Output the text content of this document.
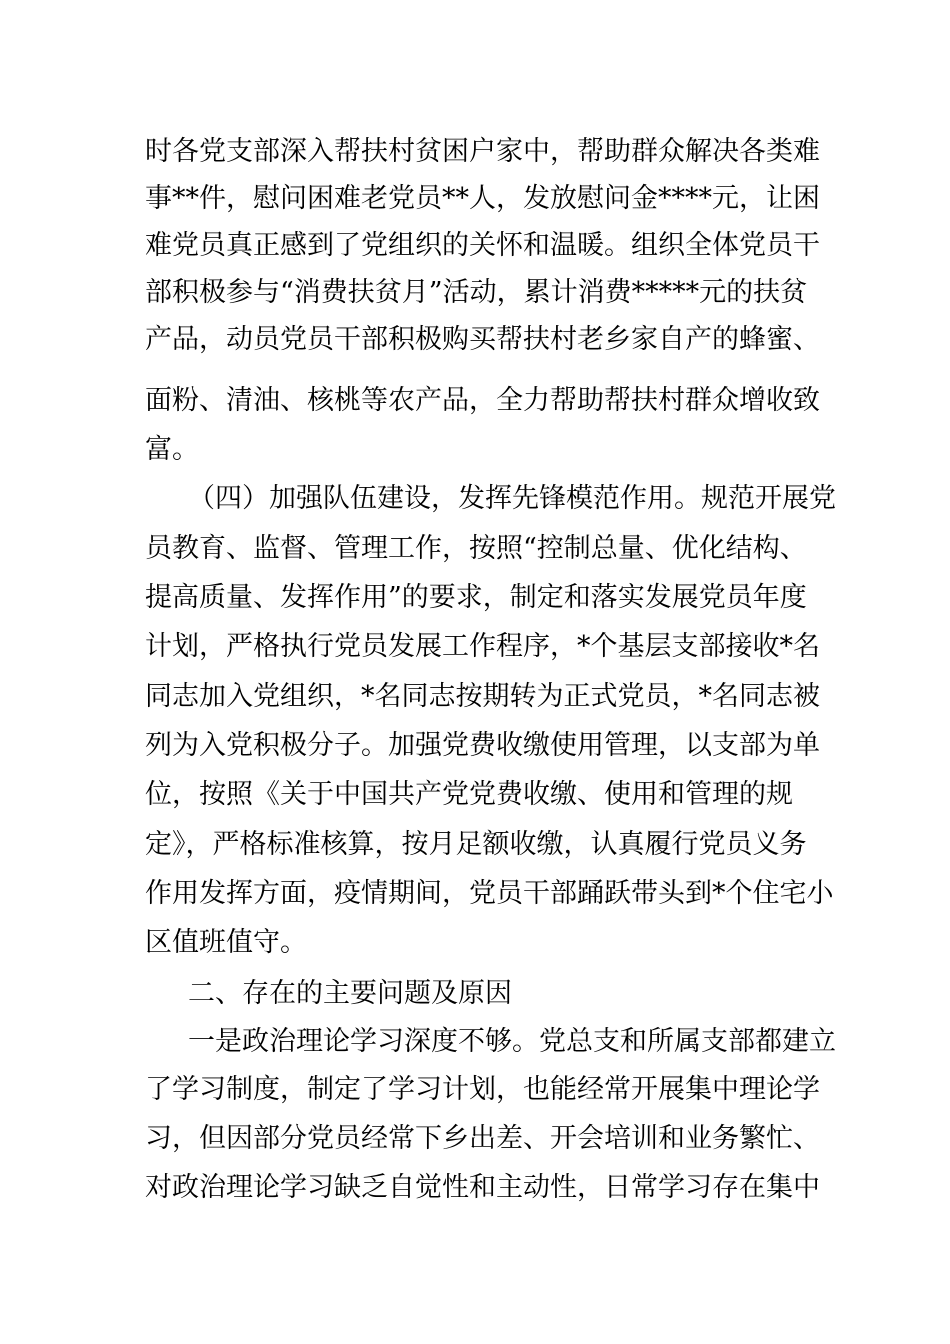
时各党支部深入帮扶村贫困户家中，帮助群众解决各类难
事**件，慰问困难老党员**人，发放慰问金****元，让困
难党员真正感到了党组织的关怀和温暖。组织全体党员干
部积极参与“消费扶贫月”活动，累计消费*****元的扶贫
产品，动员党员干部积极购买帮扶村老乡家自产的蜂蜜、
面粉、清油、核桃等农产品，全力帮助帮扶村群众增收致
富。
（四）加强队伍建设，发挥先锋模范作用。规范开展党
员教育、监督、管理工作，按照“控制总量、优化结构、
提高质量、发挥作用”的要求，制定和落实发展党员年度
计划，严格执行党员发展工作程序，*个基层支部接收*名
同志加入党组织，*名同志按期转为正式党员，*名同志被
列为入党积极分子。加强党费收缴使用管理，以支部为单
位，按照《关于中国共产党党费收缴、使用和管理的规
定》，严格标准核算，按月足额收缴，认真履行党员义务
作用发挥方面，疫情期间，党员干部踊跃带头到*个住宅小
区值班值守。
二、存在的主要问题及原因
一是政治理论学习深度不够。党总支和所属支部都建立
了学习制度，制定了学习计划，也能经常开展集中理论学
习，但因部分党员经常下乡出差、开会培训和业务繁忙、
对政治理论学习缺乏自觉性和主动性，日常学习存在集中
